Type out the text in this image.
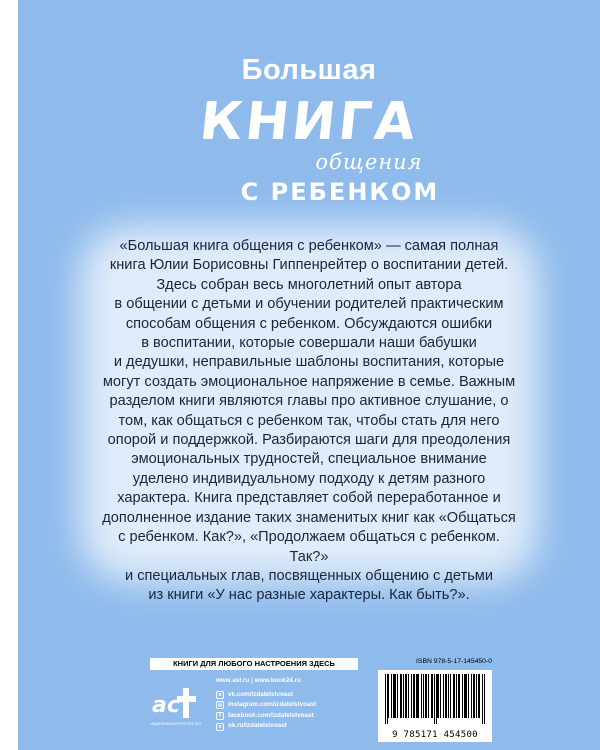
Большая
КНИГА
общения
С РЕБЕНКОМ
«Большая книга общения с ребенком» — самая полная
книга Юлии Борисовны Гиппенрейтер о воспитании детей.
Здесь собран весь многолетний опыт автора
в общении с детьми и обучении родителей практическим
способам общения с ребенком. Обсуждаются ошибки
в воспитании, которые совершали наши бабушки
и дедушки, неправильные шаблоны воспитания, которые
могут создать эмоциональное напряжение в семье. Важным
разделом книги являются главы про активное слушание, о
том, как общаться с ребенком так, чтобы стать для него
опорой и поддержкой. Разбираются шаги для преодоления
эмоциональных трудностей, специальное внимание
уделено индивидуальному подходу к детям разного
характера. Книга представляет собой переработанное и
дополненное издание таких знаменитых книг как «Общаться
с ребенком. Как?», «Продолжаем общаться с ребенком.
Так?»
и специальных глав, посвященных общению с детьми
из книги «У нас разные характеры. Как быть?».
КНИГИ ДЛЯ ЛЮБОГО НАСТРОЕНИЯ ЗДЕСЬ
ас
ИЗДАТЕЛЬСКАЯ ГРУППА АСТ
www.ast.ru | www.book24.ru
в	vk.com/izdatelstvoast
◎ instagram.com/izdatelstvoast
f	facebook.com/izdatelstvoast
о	ok.ru/izdatelstvoast
ISBN 978-5-17-145450-0
9 785171 454500
